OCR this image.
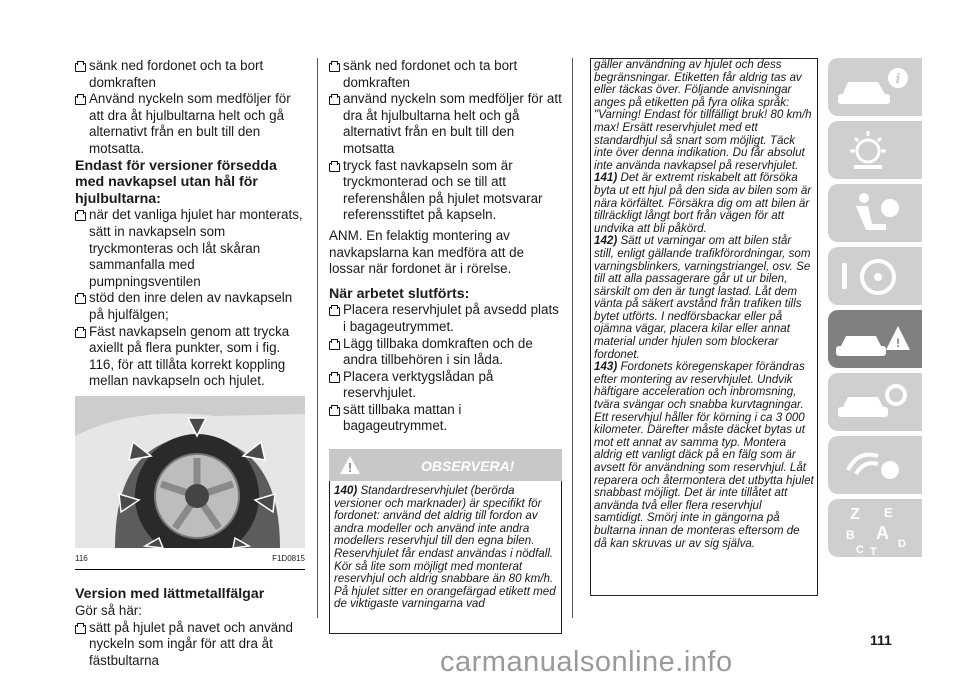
sänk ned fordonet och ta bort domkraften
Använd nyckeln som medföljer för att dra åt hjulbultarna helt och gå alternativt från en bult till den motsatta.
Endast för versioner försedda med navkapsel utan hål för hjulbultarna:
när det vanliga hjulet har monterats, sätt in navkapseln som tryckmonteras och låt skåran sammanfalla med pumpningsventilen
stöd den inre delen av navkapseln på hjulfälgen;
Fäst navkapseln genom att trycka axiellt på flera punkter, som i fig. 116, för att tillåta korrekt koppling mellan navkapseln och hjulet.
116	F1D0815
Version med lättmetallfälgar
Gör så här:
sätt på hjulet på navet och använd nyckeln som ingår för att dra åt fästbultarna
sänk ned fordonet och ta bort domkraften
använd nyckeln som medföljer för att dra åt hjulbultarna helt och gå alternativt från en bult till den motsatta
tryck fast navkapseln som är tryckmonterad och se till att referenshålen på hjulet motsvarar referensstiftet på kapseln.
ANM. En felaktig montering av navkapslarna kan medföra att de lossar när fordonet är i rörelse.
När arbetet slutförts:
Placera reservhjulet på avsedd plats i bagageutrymmet.
Lägg tillbaka domkraften och de andra tillbehören i sin låda.
Placera verktygslådan på reservhjulet.
sätt tillbaka mattan i bagageutrymmet.
!	OBSERVERA!
140) Standardreservhjulet (berörda versioner och marknader) är specifikt för fordonet: använd det aldrig till fordon av andra modeller och använd inte andra modellers reservhjul till den egna bilen. Reservhjulet får endast användas i nödfall. Kör så lite som möjligt med monterat reservhjul och aldrig snabbare än 80 km/h. På hjulet sitter en orangefärgad etikett med de viktigaste varningarna vad
gäller användning av hjulet och dess begränsningar. Etiketten får aldrig tas av eller täckas över. Följande anvisningar anges på etiketten på fyra olika språk: "Varning! Endast för tillfälligt bruk! 80 km/h max! Ersätt reservhjulet med ett standardhjul så snart som möjligt. Täck inte över denna indikation. Du får absolut inte använda navkapsel på reservhjulet.
141) Det är extremt riskabelt att försöka byta ut ett hjul på den sida av bilen som är nära körfältet. Försäkra dig om att bilen är tillräckligt långt bort från vägen för att undvika att bli påkörd.
142) Sätt ut varningar om att bilen står still, enligt gällande trafikförordningar, som varningsblinkers, varningstriangel, osv. Se till att alla passagerare går ut ur bilen, särskilt om den är tungt lastad. Låt dem vänta på säkert avstånd från trafiken tills bytet utförts. I nedförsbackar eller på ojämna vägar, placera kilar eller annat material under hjulen som blockerar fordonet.
143) Fordonets köregenskaper förändras efter montering av reservhjulet. Undvik häftigare acceleration och inbromsning, tvära svängar och snabba kurvtagningar. Ett reservhjul håller för körning i ca 3 000 kilometer. Därefter måste däcket bytas ut mot ett annat av samma typ. Montera aldrig ett vanligt däck på en fälg som är avsett för användning som reservhjul. Låt reparera och återmontera det utbytta hjulet snabbast möjligt. Det är inte tillåtet att använda två eller flera reservhjul samtidigt. Smörj inte in gängorna på bultarna innan de monteras eftersom de då kan skruvas ur av sig själva.
i
!
Z E
B A
C T
D
111
carmanualsonline.info
